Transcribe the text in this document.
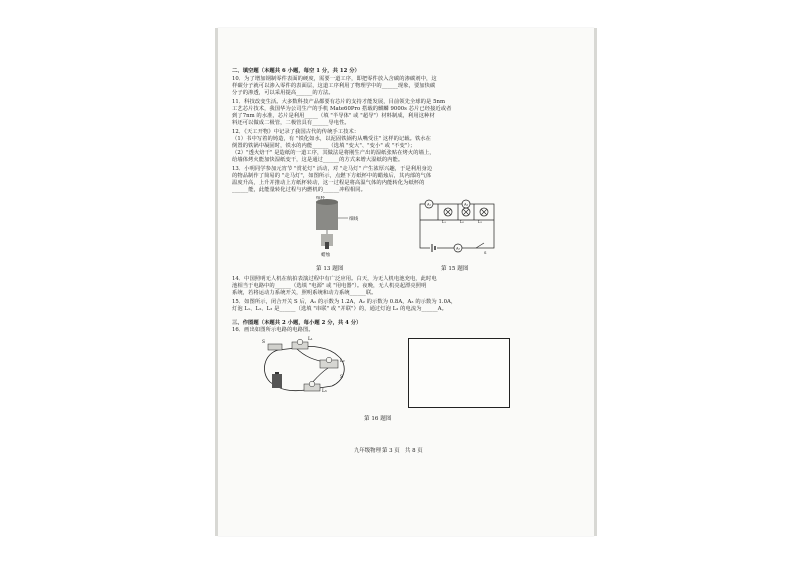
二、填空题（本题共 6 小题，每空 1 分，共 12 分）
10．为了增加钢制零件表面的硬度，需要一道工序，即把零件放入含碳的渗碳剂中，这
样碳分子就可以渗入零件的表面层，这道工序利用了物理学中的______现象，要加快碳
分子的渗透，可以采用提高______的方法。
11．科技改变生活。大多数科技产品都要有芯片的支持才能发展，目前领先全球的是 5nm
工艺芯片技术，我国华为公司生产的手机 Mate60Pro 搭载的麒麟 9000s 芯片已经接近或者
到了7nm 的水准，芯片是利用_____（填 "半导体" 或 "超导"）材料制成，利用这种材
料还可以做成二极管，二极管具有______导电性。
12．《天工开物》中记录了我国古代的传统手工技术：
（1）书中写着的铸造，有 "铁化如水，以泥固铁锅杓从嘴受注" 这样的记载。铁水在
倒置的铁锅中凝固时，铁水的内能______（选填 "变大"、"变小" 或 "不变"）；
（2）"透火焙干" 是造纸的一道工序，其做法是将刚生产出的湿纸张贴在烤火的墙上，
给墙体烤火能加快湿纸变干，这是通过______的方式来增大湿纸的内能。
13．小明同学参加元宵节 "赏花灯" 活动，对 "走马灯" 产生浓厚兴趣，于是利用身边
的物品制作了简易的 "走马灯"，如图所示，点燃下方纸杯中的蜡烛后，其内部的气体
温度升高，上升并推动上方纸杯转动，这一过程是将高温气体的内能转化为纸杯的
______能，此能量转化过程与内燃机的______冲程相同。
纸杯
细线
蜡烛
第 13 题图
A₁	A₂
A₃
L₁	L₂	L₃
S
第 15 题图
14．中国照明无人机在航拍表演过程中有广泛应用。白天，为无人机电池充电，此时电
池相当于电路中的______（选填 "电源" 或 "用电器"）。夜晚，无人机亮起漂亮照明
系统，若将运动力系统开关，照明系统和动力系统______联。
15．如图所示，闭合开关 S 后，A₁ 的示数为 1.2A，A₂ 的示数为 0.8A，A₃ 的示数为 1.0A，
灯泡 L₁、L₂、L₃ 是______（选填 "串联" 或 "并联"）的，通过灯泡 L₂ 的电流为______A。
三、作图题（本题共 2 小题，每小题 2 分，共 4 分）
16．画出如图所示电路的电路图。
S
L₁
L₂
L₃
S
第 16 题图
九年级物理 第 3 页 共 8 页
